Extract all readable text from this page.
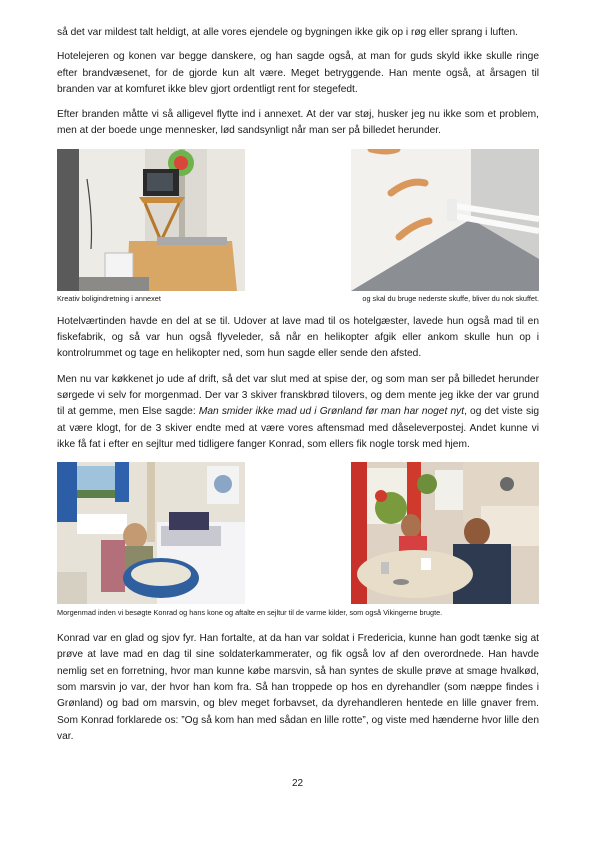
så det var mildest talt heldigt, at alle vores ejendele og bygningen ikke gik op i røg eller sprang i luften.

Hotelejeren og konen var begge danskere, og han sagde også, at man for guds skyld ikke skulle ringe efter brandvæsenet, for de gjorde kun alt være. Meget betryggende. Han mente også, at årsagen til branden var at komfuret ikke blev gjort ordentligt rent for stegefedt.

Efter branden måtte vi så alligevel flytte ind i annexet. At der var støj, husker jeg nu ikke som et problem, men at der boede unge mennesker, lød sandsynligt når man ser på billedet herunder.

Kreativ boligindretning i annexet	og skal du bruge nederste skuffe, bliver du nok skuffet.

Hotelværtinden havde en del at se til. Udover at lave mad til os hotelgæster, lavede hun også mad til en fiskefabrik, og så var hun også flyveleder, så når en helikopter afgik eller ankom skulle hun op i kontrolrummet og tage en helikopter ned, som hun sagde eller sende den afsted.

Men nu var køkkenet jo ude af drift, så det var slut med at spise der, og som man ser på billedet herunder sørgede vi selv for morgenmad. Der var 3 skiver franskbrød tilovers, og dem mente jeg ikke der var grund til at gemme, men Else sagde: Man smider ikke mad ud i Grønland før man har noget nyt, og det viste sig at være klogt, for de 3 skiver endte med at være vores aftensmad med dåseleverpostej. Andet kunne vi ikke få fat i efter en sejltur med tidligere fanger Konrad, som ellers fik nogle torsk med hjem.

Morgenmad inden vi besøgte Konrad og hans kone og aftalte en sejltur til de varme kilder, som også Vikingerne brugte.

Konrad var en glad og sjov fyr. Han fortalte, at da han var soldat i Fredericia, kunne han godt tænke sig at prøve at lave mad en dag til sine soldaterkammerater, og fik også lov af den overordnede. Han havde nemlig set en forretning, hvor man kunne købe marsvin, så han syntes de skulle prøve at smage hvalkød, som marsvin jo var, der hvor han kom fra. Så han troppede op hos en dyrehandler (som næppe findes i Grønland) og bad om marsvin, og blev meget forbavset, da dyrehandleren hentede en lille gnaver frem. Som Konrad forklarede os: ”Og så kom han med sådan en lille rotte”, og viste med hænderne hvor lille den var.

22
